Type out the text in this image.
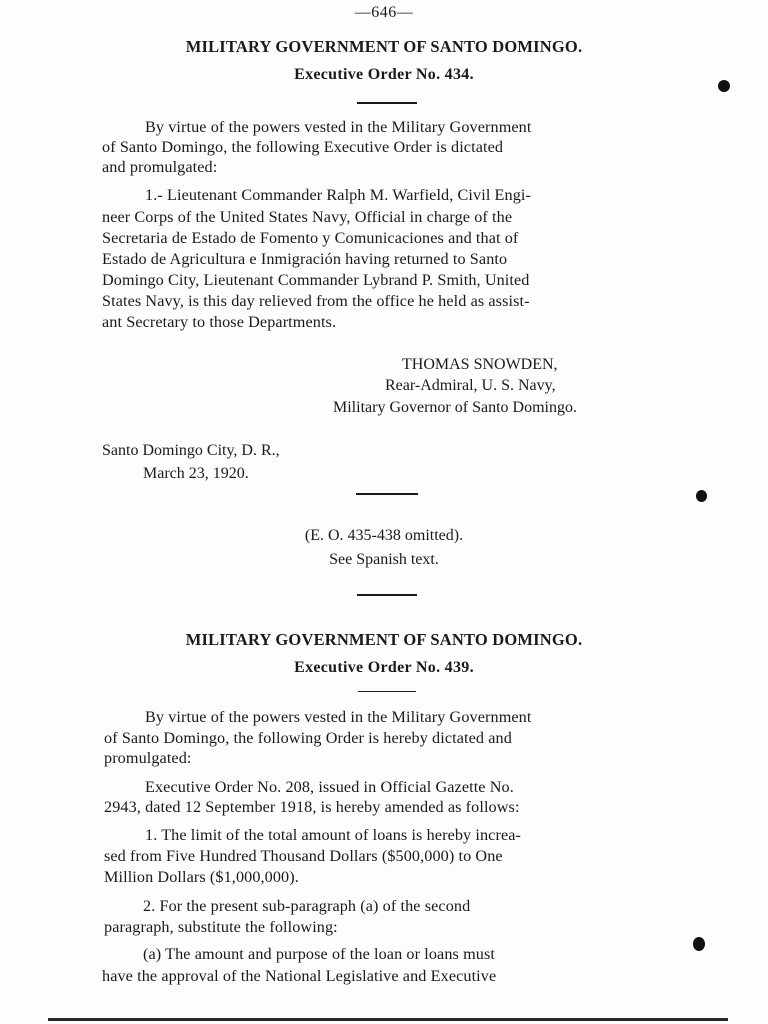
—646—
MILITARY GOVERNMENT OF SANTO DOMINGO.
Executive Order No. 434.
By virtue of the powers vested in the Military Government
of Santo Domingo, the following Executive Order is dictated
and promulgated:
1.- Lieutenant Commander Ralph M. Warfield, Civil Engi-
neer Corps of the United States Navy, Official in charge of the
Secretaria de Estado de Fomento y Comunicaciones and that of
Estado de Agricultura e Inmigración having returned to Santo
Domingo City, Lieutenant Commander Lybrand P. Smith, United
States Navy, is this day relieved from the office he held as assist-
ant Secretary to those Departments.
THOMAS SNOWDEN,
Rear-Admiral, U. S. Navy,
Military Governor of Santo Domingo.
Santo Domingo City, D. R.,
March 23, 1920.
(E. O. 435-438 omitted).
See Spanish text.
MILITARY GOVERNMENT OF SANTO DOMINGO.
Executive Order No. 439.
By virtue of the powers vested in the Military Government
of Santo Domingo, the following Order is hereby dictated and
promulgated:
Executive Order No. 208, issued in Official Gazette No.
2943, dated 12 September 1918, is hereby amended as follows:
1. The limit of the total amount of loans is hereby increa-
sed from Five Hundred Thousand Dollars ($500,000) to One
Million Dollars ($1,000,000).
2. For the present sub-paragraph (a) of the second
paragraph, substitute the following:
(a) The amount and purpose of the loan or loans must
have the approval of the National Legislative and Executive
